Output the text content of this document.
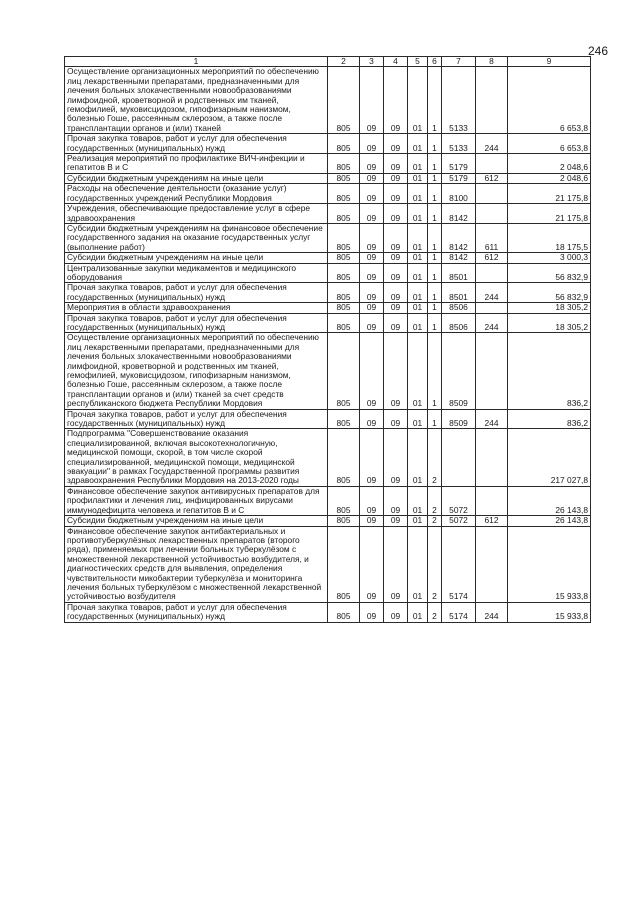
246
1	2	3	4	5	6	7	8	9
Осуществление организационных мероприятий по обеспечению лиц лекарственными препаратами, предназначенными для лечения больных злокачественными новообразованиями лимфоидной, кроветворной и родственных им тканей, гемофилией, муковисцидозом, гипофизарным нанизмом, болезнью Гоше, рассеянным склерозом, а также после трансплантации органов и (или) тканей	805	09	09	01	1	5133		6 653,8
Прочая закупка товаров, работ и услуг для обеспечения государственных (муниципальных) нужд	805	09	09	01	1	5133	244	6 653,8
Реализация мероприятий по профилактике ВИЧ-инфекции и гепатитов В и С	805	09	09	01	1	5179		2 048,6
Субсидии бюджетным учреждениям на иные цели	805	09	09	01	1	5179	612	2 048,6
Расходы на обеспечение деятельности (оказание услуг) государственных учреждений Республики Мордовия	805	09	09	01	1	8100		21 175,8
Учреждения, обеспечивающие предоставление услуг в сфере здравоохранения	805	09	09	01	1	8142		21 175,8
Субсидии бюджетным учреждениям на финансовое обеспечение государственного задания на оказание государственных услуг (выполнение работ)	805	09	09	01	1	8142	611	18 175,5
Субсидии бюджетным учреждениям на иные цели	805	09	09	01	1	8142	612	3 000,3
Централизованные закупки медикаментов и медицинского оборудования	805	09	09	01	1	8501		56 832,9
Прочая закупка товаров, работ и услуг для обеспечения государственных (муниципальных) нужд	805	09	09	01	1	8501	244	56 832,9
Мероприятия в области здравоохранения	805	09	09	01	1	8506		18 305,2
Прочая закупка товаров, работ и услуг для обеспечения государственных (муниципальных) нужд	805	09	09	01	1	8506	244	18 305,2
Осуществление организационных мероприятий по обеспечению лиц лекарственными препаратами, предназначенными для лечения больных злокачественными новообразованиями лимфоидной, кроветворной и родственных им тканей, гемофилией, муковисцидозом, гипофизарным нанизмом, болезнью Гоше, рассеянным склерозом, а также после трансплантации органов и (или) тканей за счет средств республиканского бюджета Республики Мордовия	805	09	09	01	1	8509		836,2
Прочая закупка товаров, работ и услуг для обеспечения государственных (муниципальных) нужд	805	09	09	01	1	8509	244	836,2
Подпрограмма "Совершенствование оказания специализированной, включая высокотехнологичную, медицинской помощи, скорой, в том числе скорой специализированной, медицинской помощи, медицинской эвакуации" в рамках Государственной программы развития здравоохранения Республики Мордовия на 2013-2020 годы	805	09	09	01	2			217 027,8
Финансовое обеспечение закупок антивирусных препаратов для профилактики и лечения лиц, инфицированных вирусами иммунодефицита человека и гепатитов В и С	805	09	09	01	2	5072		26 143,8
Субсидии бюджетным учреждениям на иные цели	805	09	09	01	2	5072	612	26 143,8
Финансовое обеспечение закупок антибактериальных и противотуберкулёзных лекарственных препаратов (второго ряда), применяемых при лечении больных туберкулёзом с множественной лекарственной устойчивостью возбудителя, и диагностических средств для выявления, определения чувствительности микобактерии туберкулёза и мониторинга лечения больных туберкулёзом с множественной лекарственной устойчивостью возбудителя	805	09	09	01	2	5174		15 933,8
Прочая закупка товаров, работ и услуг для обеспечения государственных (муниципальных) нужд	805	09	09	01	2	5174	244	15 933,8
